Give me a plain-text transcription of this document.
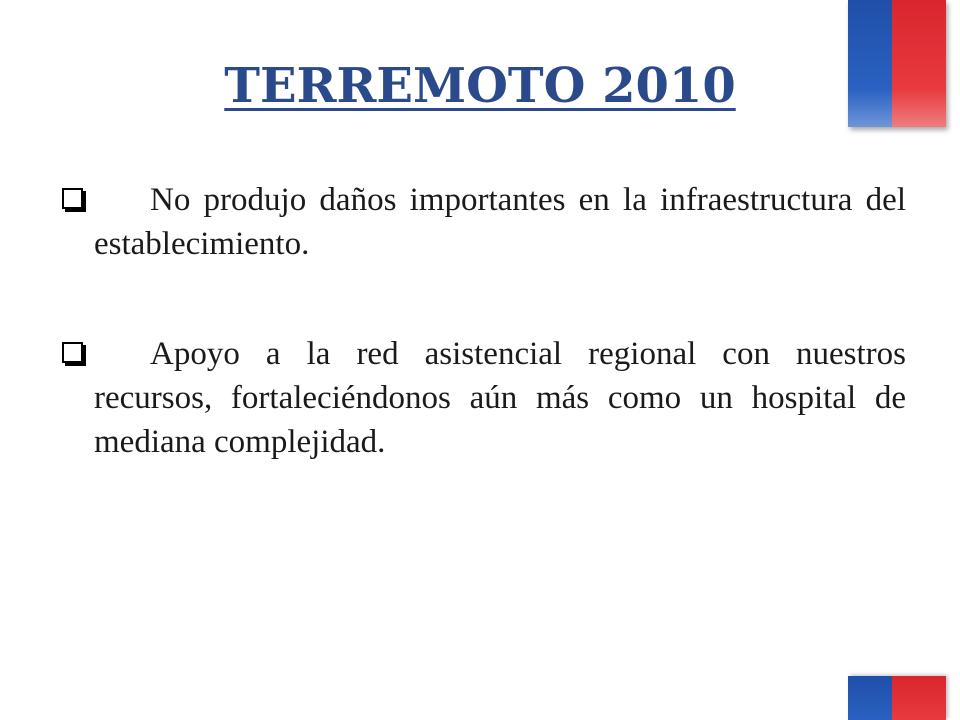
TERREMOTO 2010
No produjo daños importantes en la infraestructura del establecimiento.
Apoyo a la red asistencial regional con nuestros recursos, fortaleciéndonos aún más como un hospital de mediana complejidad.
